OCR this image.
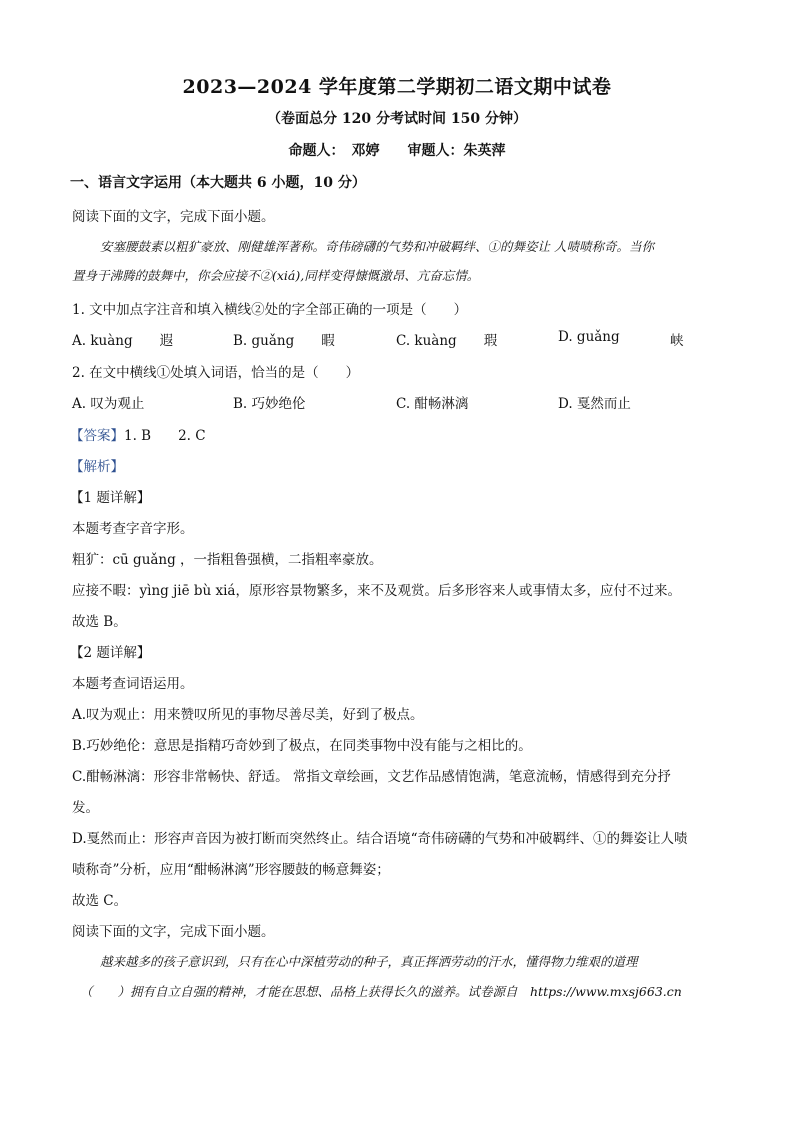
2023—2024 学年度第二学期初二语文期中试卷
（卷面总分 120 分考试时间 150 分钟）
命题人：　邓婷　　审题人：朱英萍
一、语言文字运用（本大题共 6 小题，10 分）
阅读下面的文字，完成下面小题。
安塞腰鼓素以粗犷豪放、刚健雄浑著称。奇伟磅礴的气势和冲破羁绊、①的舞姿让 人啧啧称奇。当你
置身于沸腾的鼓舞中，你会应接不②(xiá),同样变得慷慨激昂、亢奋忘情。
1. 文中加点字注音和填入横线②处的字全部正确的一项是（　　）
A. kuàng　　遐	B. guǎng　　暇	C. kuàng　　瑕	D. guǎng	峡
2. 在文中横线①处填入词语，恰当的是（　　）
A. 叹为观止	B. 巧妙绝伦	C. 酣畅淋漓	D. 戛然而止
【答案】1. B　　2. C
【解析】
【1 题详解】
本题考查字音字形。
粗犷：cū guǎng ，一指粗鲁强横，二指粗率豪放。
应接不暇：yìng jiē bù xiá，原形容景物繁多，来不及观赏。后多形容来人或事情太多，应付不过来。
故选 B。
【2 题详解】
本题考查词语运用。
A.叹为观止：用来赞叹所见的事物尽善尽美，好到了极点。
B.巧妙绝伦：意思是指精巧奇妙到了极点，在同类事物中没有能与之相比的。
C.酣畅淋漓：形容非常畅快、舒适。 常指文章绘画，文艺作品感情饱满，笔意流畅，情感得到充分抒
发。
D.戛然而止：形容声音因为被打断而突然终止。结合语境“奇伟磅礴的气势和冲破羁绊、①的舞姿让人啧
啧称奇”分析，应用“酣畅淋漓”形容腰鼓的畅意舞姿；
故选 C。
阅读下面的文字，完成下面小题。
越来越多的孩子意识到，只有在心中深植劳动的种子，真正挥洒劳动的汗水，懂得物力维艰的道理
（　　）拥有自立自强的精神，才能在思想、品格上获得长久的滋养。试卷源自　https://www.mxsj663.cn
